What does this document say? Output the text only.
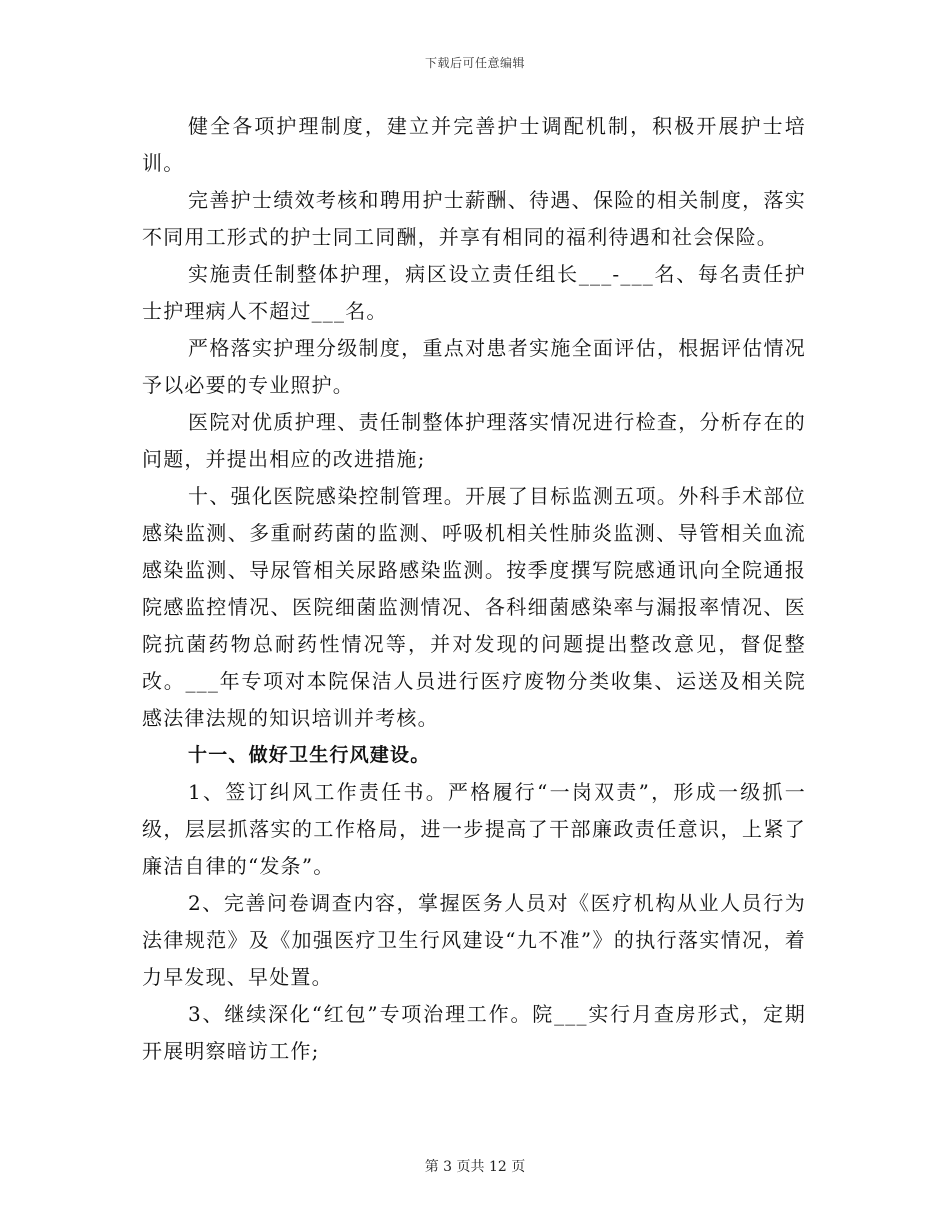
下载后可任意编辑

健全各项护理制度，建立并完善护士调配机制，积极开展护士培训。

完善护士绩效考核和聘用护士薪酬、待遇、保险的相关制度，落实不同用工形式的护士同工同酬，并享有相同的福利待遇和社会保险。

实施责任制整体护理，病区设立责任组长___-___名、每名责任护士护理病人不超过___名。

严格落实护理分级制度，重点对患者实施全面评估，根据评估情况予以必要的专业照护。

医院对优质护理、责任制整体护理落实情况进行检查，分析存在的问题，并提出相应的改进措施;

十、强化医院感染控制管理。开展了目标监测五项。外科手术部位感染监测、多重耐药菌的监测、呼吸机相关性肺炎监测、导管相关血流感染监测、导尿管相关尿路感染监测。按季度撰写院感通讯向全院通报院感监控情况、医院细菌监测情况、各科细菌感染率与漏报率情况、医院抗菌药物总耐药性情况等，并对发现的问题提出整改意见，督促整改。___年专项对本院保洁人员进行医疗废物分类收集、运送及相关院感法律法规的知识培训并考核。

十一、做好卫生行风建设。

1、签订纠风工作责任书。严格履行“一岗双责”，形成一级抓一级，层层抓落实的工作格局，进一步提高了干部廉政责任意识，上紧了廉洁自律的“发条”。

2、完善问卷调查内容，掌握医务人员对《医疗机构从业人员行为法律规范》及《加强医疗卫生行风建设“九不准”》的执行落实情况，着力早发现、早处置。

3、继续深化“红包”专项治理工作。院___实行月查房形式，定期开展明察暗访工作;

第 3 页共 12 页
